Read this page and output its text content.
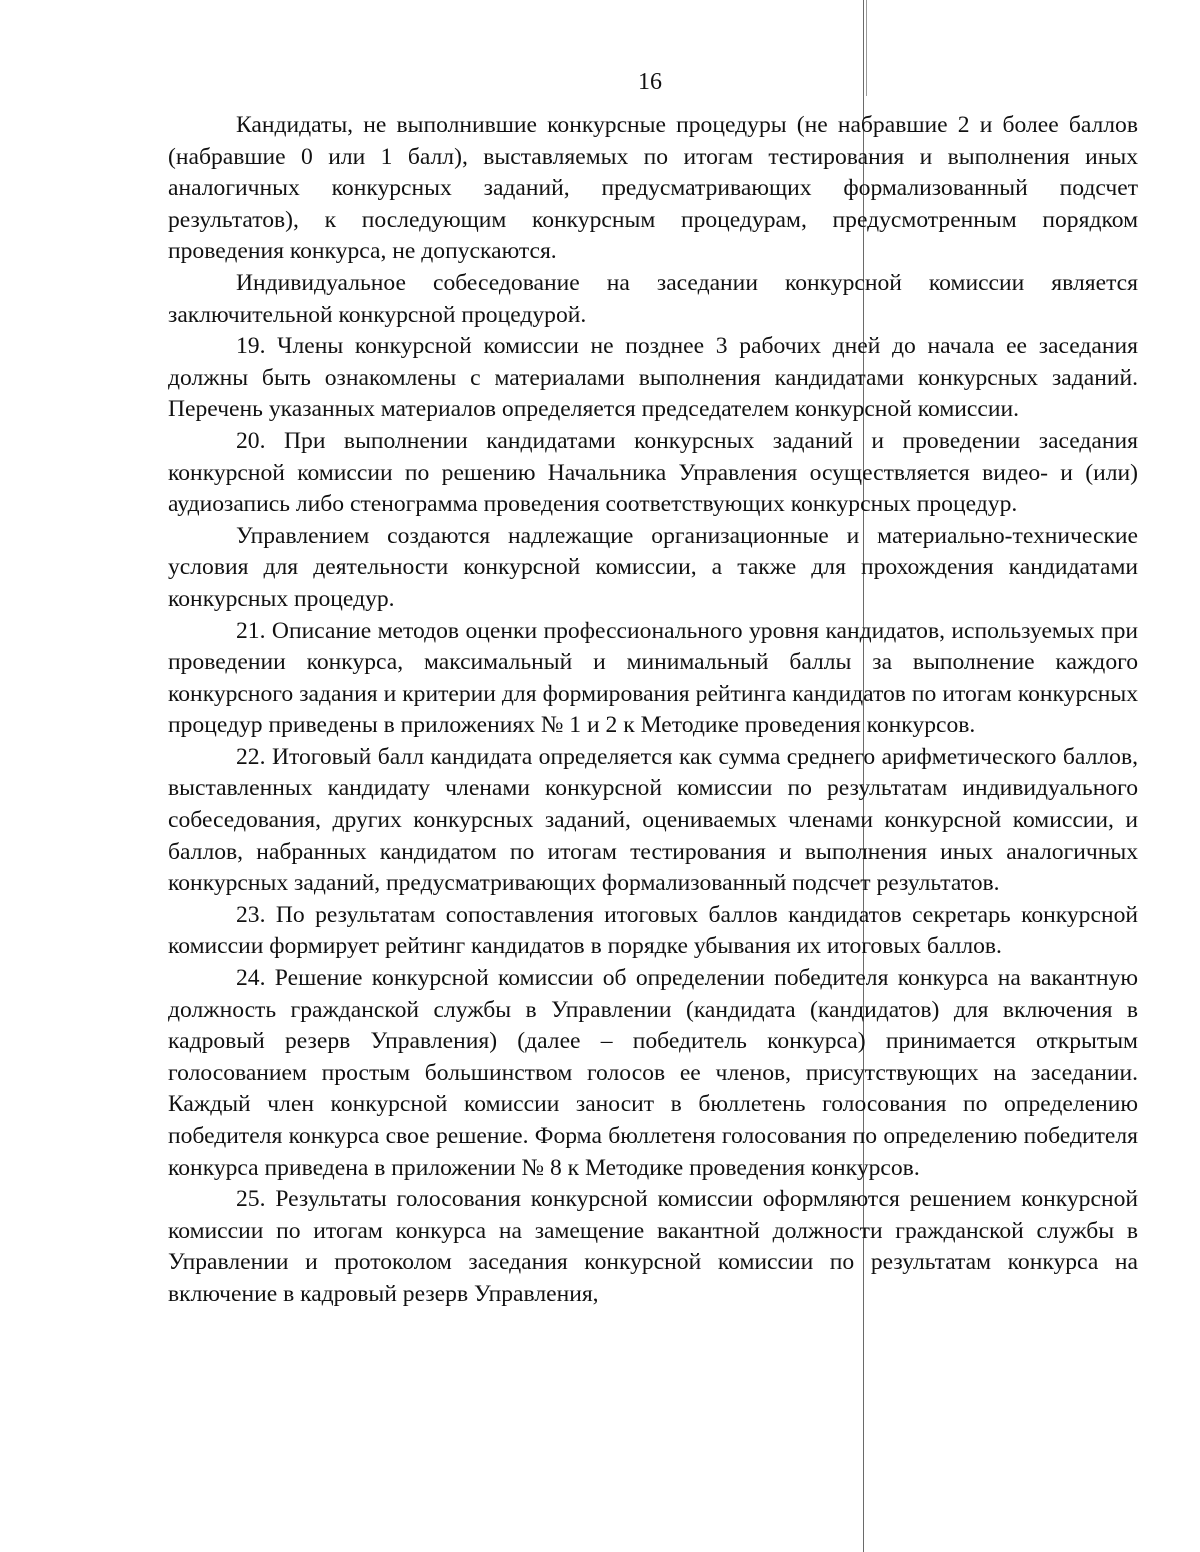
16

Кандидаты, не выполнившие конкурсные процедуры (не набравшие 2 и более баллов (набравшие 0 или 1 балл), выставляемых по итогам тестирования и выполнения иных аналогичных конкурсных заданий, предусматривающих формализованный подсчет результатов), к последующим конкурсным процедурам, предусмотренным порядком проведения конкурса, не допускаются.

Индивидуальное собеседование на заседании конкурсной комиссии является заключительной конкурсной процедурой.

19. Члены конкурсной комиссии не позднее 3 рабочих дней до начала ее заседания должны быть ознакомлены с материалами выполнения кандидатами конкурсных заданий. Перечень указанных материалов определяется председателем конкурсной комиссии.

20. При выполнении кандидатами конкурсных заданий и проведении заседания конкурсной комиссии по решению Начальника Управления осуществляется видео- и (или) аудиозапись либо стенограмма проведения соответствующих конкурсных процедур.

Управлением создаются надлежащие организационные и материально-технические условия для деятельности конкурсной комиссии, а также для прохождения кандидатами конкурсных процедур.

21. Описание методов оценки профессионального уровня кандидатов, используемых при проведении конкурса, максимальный и минимальный баллы за выполнение каждого конкурсного задания и критерии для формирования рейтинга кандидатов по итогам конкурсных процедур приведены в приложениях № 1 и 2 к Методике проведения конкурсов.

22. Итоговый балл кандидата определяется как сумма среднего арифметического баллов, выставленных кандидату членами конкурсной комиссии по результатам индивидуального собеседования, других конкурсных заданий, оцениваемых членами конкурсной комиссии, и баллов, набранных кандидатом по итогам тестирования и выполнения иных аналогичных конкурсных заданий, предусматривающих формализованный подсчет результатов.

23. По результатам сопоставления итоговых баллов кандидатов секретарь конкурсной комиссии формирует рейтинг кандидатов в порядке убывания их итоговых баллов.

24. Решение конкурсной комиссии об определении победителя конкурса на вакантную должность гражданской службы в Управлении (кандидата (кандидатов) для включения в кадровый резерв Управления) (далее – победитель конкурса) принимается открытым голосованием простым большинством голосов ее членов, присутствующих на заседании. Каждый член конкурсной комиссии заносит в бюллетень голосования по определению победителя конкурса свое решение. Форма бюллетеня голосования по определению победителя конкурса приведена в приложении № 8 к Методике проведения конкурсов.

25. Результаты голосования конкурсной комиссии оформляются решением конкурсной комиссии по итогам конкурса на замещение вакантной должности гражданской службы в Управлении и протоколом заседания конкурсной комиссии по результатам конкурса на включение в кадровый резерв Управления,
